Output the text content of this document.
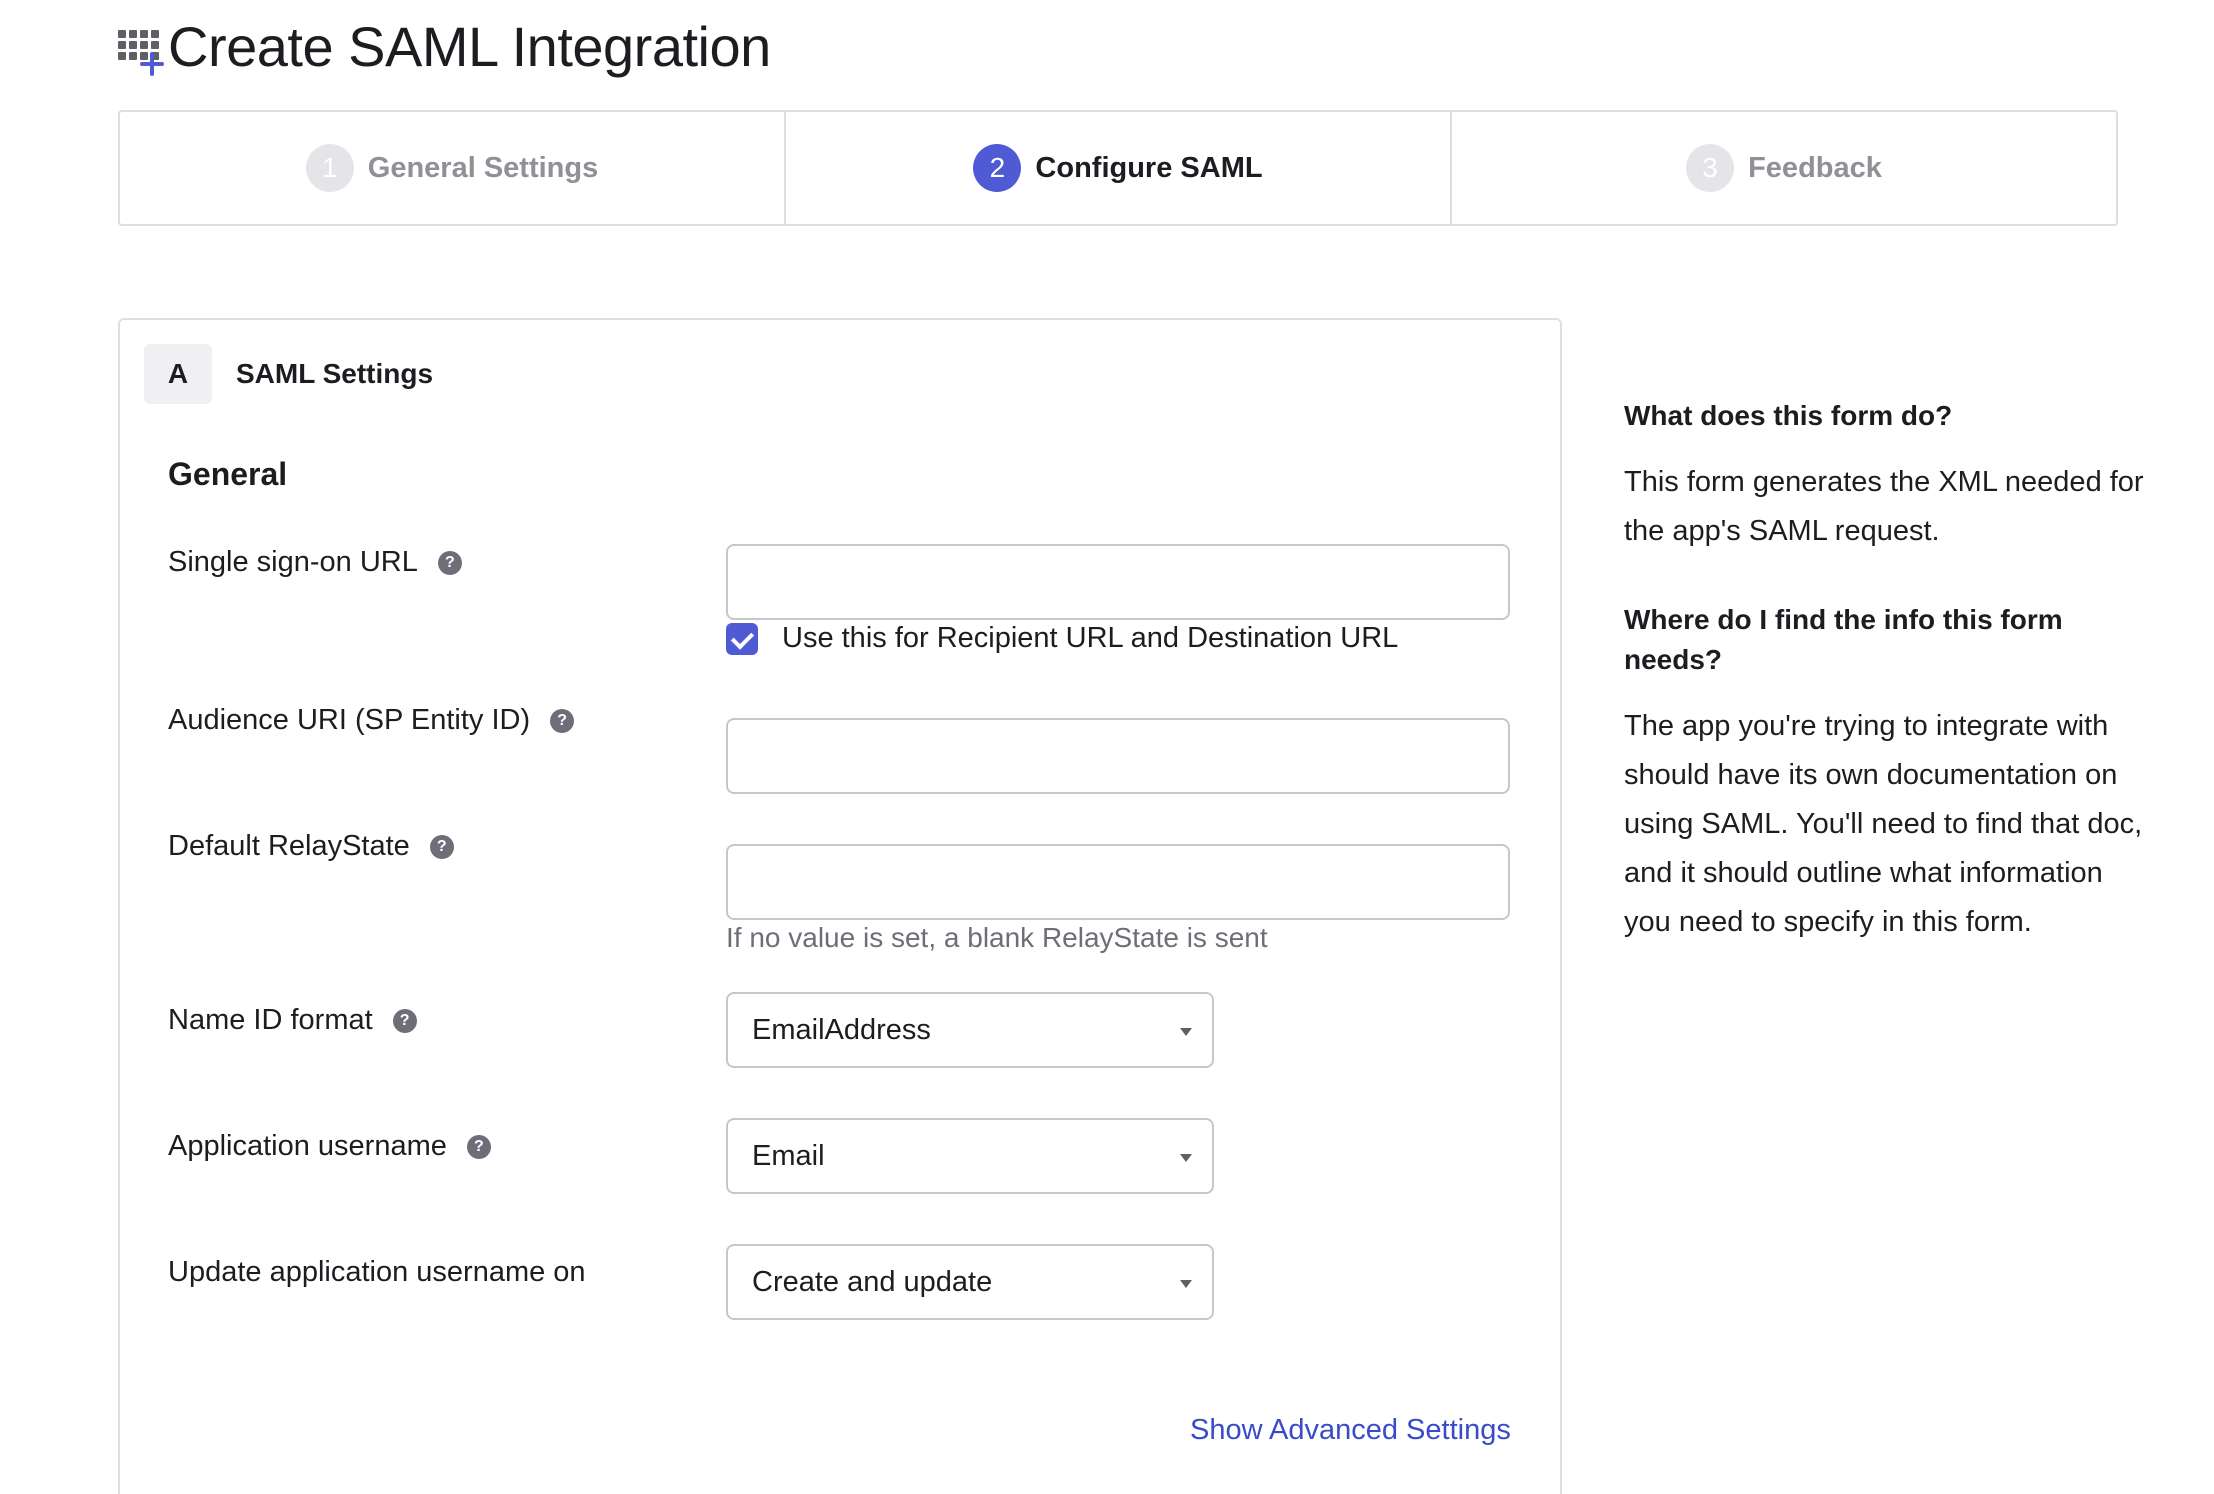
Create SAML Integration
1	General Settings	2	Configure SAML	3	Feedback
A	SAML Settings
General
Single sign-on URL	?
Use this for Recipient URL and Destination URL
Audience URI (SP Entity ID)	?
Default RelayState	?
If no value is set, a blank RelayState is sent
Name ID format	?	EmailAddress
Application username	?	Email
Update application username on	Create and update
Show Advanced Settings
What does this form do?
This form generates the XML needed for the app's SAML request.
Where do I find the info this form needs?
The app you're trying to integrate with should have its own documentation on using SAML. You'll need to find that doc, and it should outline what information you need to specify in this form.
